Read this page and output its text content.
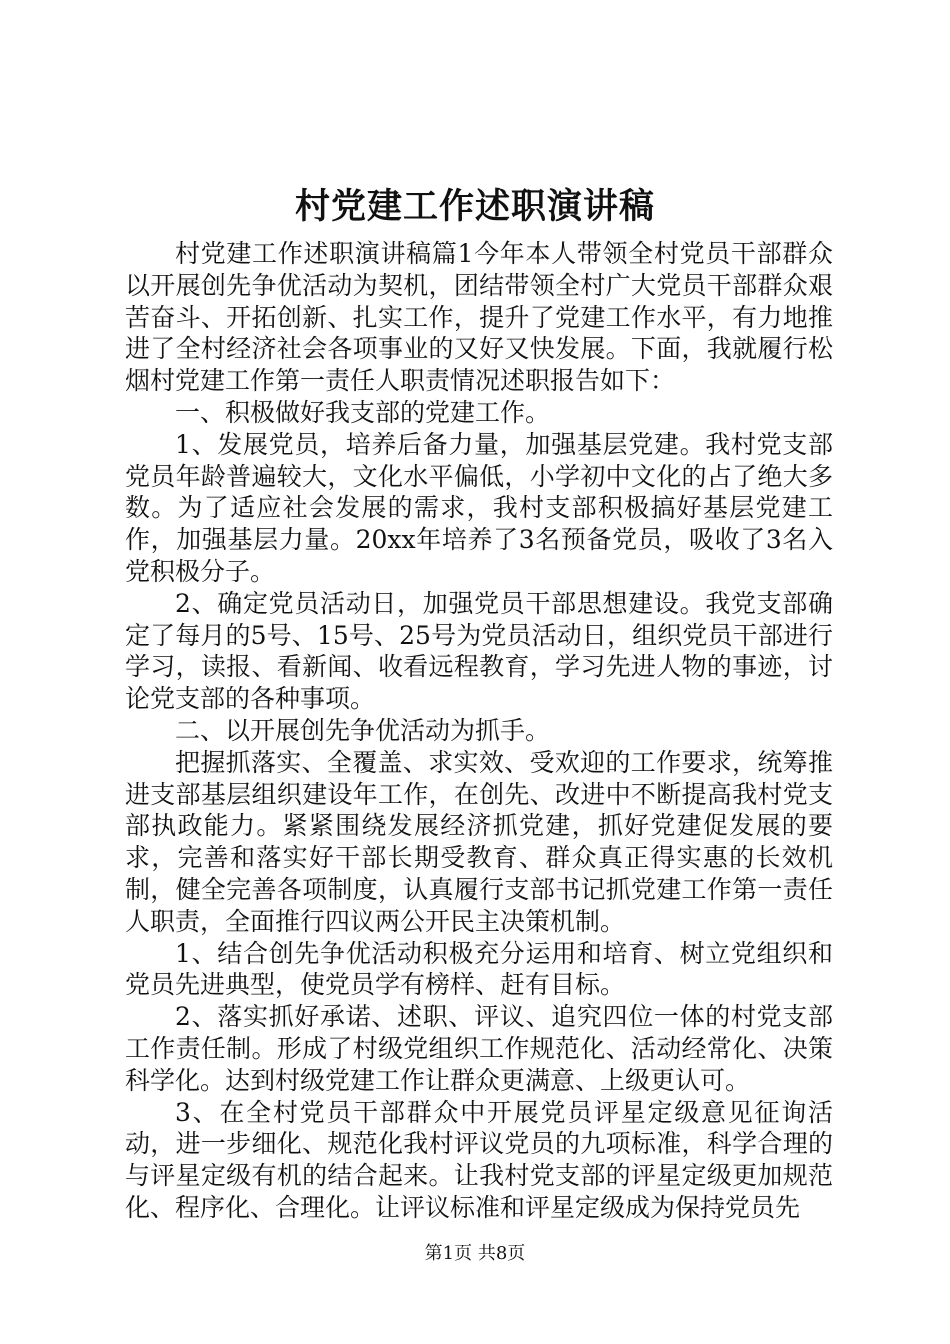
村党建工作述职演讲稿

村党建工作述职演讲稿篇1今年本人带领全村党员干部群众以开展创先争优活动为契机，团结带领全村广大党员干部群众艰苦奋斗、开拓创新、扎实工作，提升了党建工作水平，有力地推进了全村经济社会各项事业的又好又快发展。下面，我就履行松烟村党建工作第一责任人职责情况述职报告如下：

一、积极做好我支部的党建工作。

1、发展党员，培养后备力量，加强基层党建。我村党支部党员年龄普遍较大，文化水平偏低，小学初中文化的占了绝大多数。为了适应社会发展的需求，我村支部积极搞好基层党建工作，加强基层力量。20xx年培养了3名预备党员，吸收了3名入党积极分子。

2、确定党员活动日，加强党员干部思想建设。我党支部确定了每月的5号、15号、25号为党员活动日，组织党员干部进行学习，读报、看新闻、收看远程教育，学习先进人物的事迹，讨论党支部的各种事项。

二、以开展创先争优活动为抓手。

把握抓落实、全覆盖、求实效、受欢迎的工作要求，统筹推进支部基层组织建设年工作，在创先、改进中不断提高我村党支部执政能力。紧紧围绕发展经济抓党建，抓好党建促发展的要求，完善和落实好干部长期受教育、群众真正得实惠的长效机制，健全完善各项制度，认真履行支部书记抓党建工作第一责任人职责，全面推行四议两公开民主决策机制。

1、结合创先争优活动积极充分运用和培育、树立党组织和党员先进典型，使党员学有榜样、赶有目标。

2、落实抓好承诺、述职、评议、追究四位一体的村党支部工作责任制。形成了村级党组织工作规范化、活动经常化、决策科学化。达到村级党建工作让群众更满意、上级更认可。

3、在全村党员干部群众中开展党员评星定级意见征询活动，进一步细化、规范化我村评议党员的九项标准，科学合理的与评星定级有机的结合起来。让我村党支部的评星定级更加规范化、程序化、合理化。让评议标准和评星定级成为保持党员先

第1页 共8页
